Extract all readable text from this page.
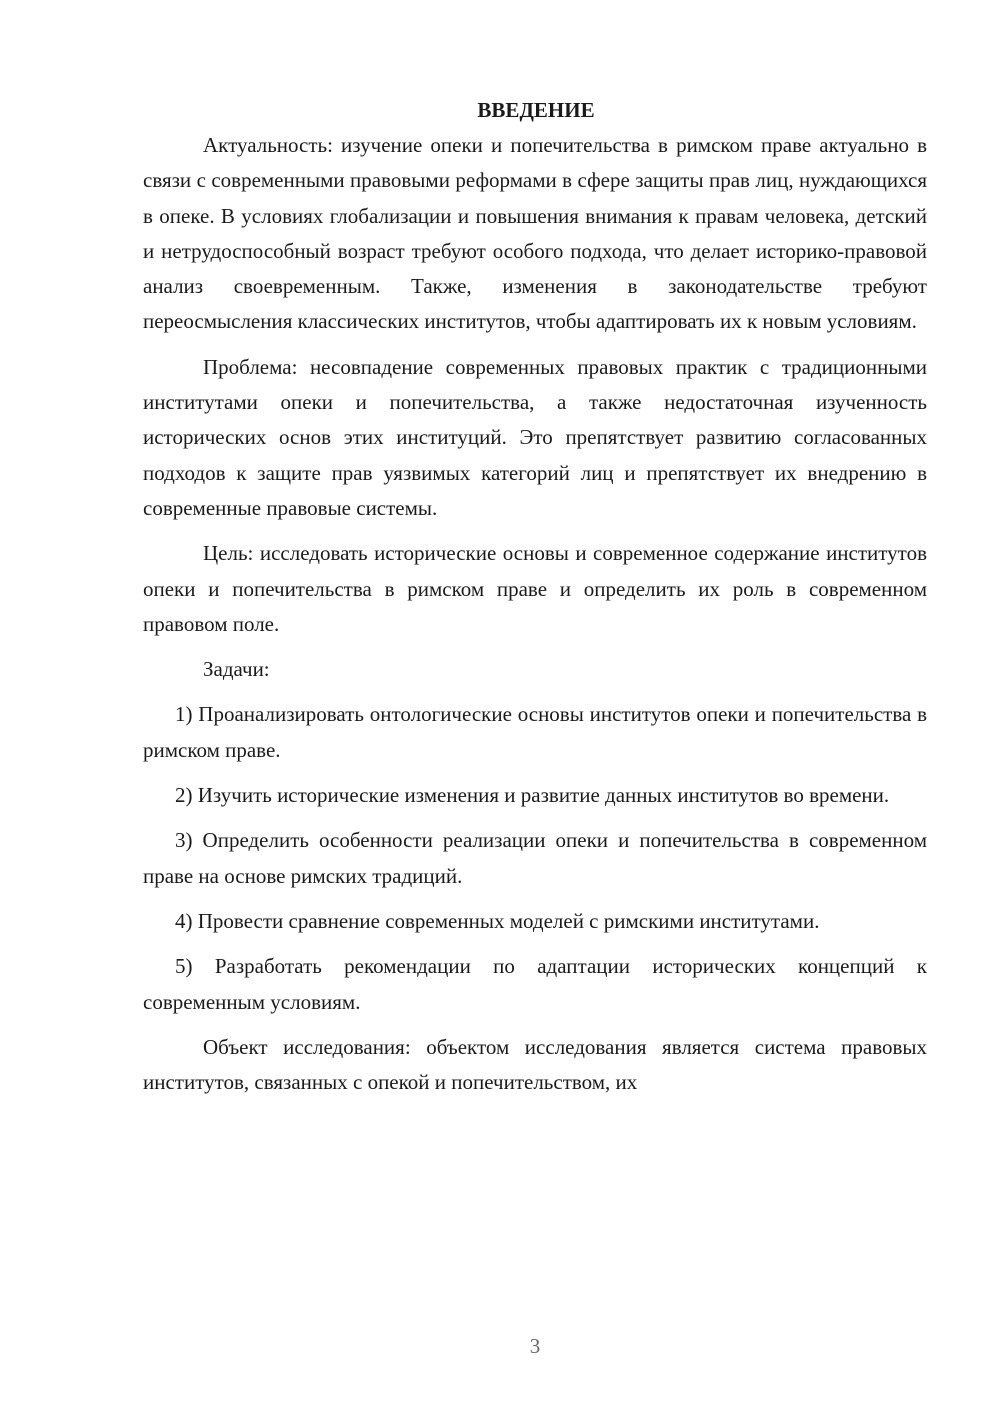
ВВЕДЕНИЕ

Актуальность: изучение опеки и попечительства в римском праве актуально в связи с современными правовыми реформами в сфере защиты прав лиц, нуждающихся в опеке. В условиях глобализации и повышения внимания к правам человека, детский и нетрудоспособный возраст требуют особого подхода, что делает историко-правовой анализ своевременным. Также, изменения в законодательстве требуют переосмысления классических институтов, чтобы адаптировать их к новым условиям.

Проблема: несовпадение современных правовых практик с традиционными институтами опеки и попечительства, а также недостаточная изученность исторических основ этих институций. Это препятствует развитию согласованных подходов к защите прав уязвимых категорий лиц и препятствует их внедрению в современные правовые системы.

Цель: исследовать исторические основы и современное содержание институтов опеки и попечительства в римском праве и определить их роль в современном правовом поле.

Задачи:

1) Проанализировать онтологические основы институтов опеки и попечительства в римском праве.

2) Изучить исторические изменения и развитие данных институтов во времени.

3) Определить особенности реализации опеки и попечительства в современном праве на основе римских традиций.

4) Провести сравнение современных моделей с римскими институтами.

5) Разработать рекомендации по адаптации исторических концепций к современным условиям.

Объект исследования: объектом исследования является система правовых институтов, связанных с опекой и попечительством, их

3
